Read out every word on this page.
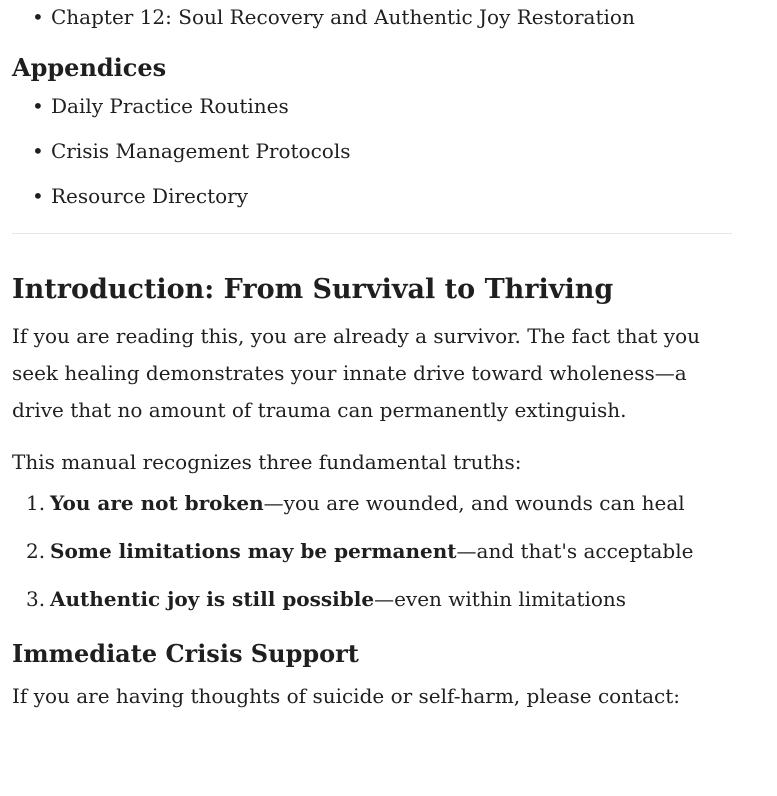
• Chapter 12: Soul Recovery and Authentic Joy Restoration
Appendices
• Daily Practice Routines
• Crisis Management Protocols
• Resource Directory
Introduction: From Survival to Thriving

If you are reading this, you are already a survivor. The fact that you seek healing demonstrates your innate drive toward wholeness—a drive that no amount of trauma can permanently extinguish.

This manual recognizes three fundamental truths:

1. You are not broken—you are wounded, and wounds can heal
2. Some limitations may be permanent—and that's acceptable
3. Authentic joy is still possible—even within limitations
Immediate Crisis Support

If you are having thoughts of suicide or self-harm, please contact:
